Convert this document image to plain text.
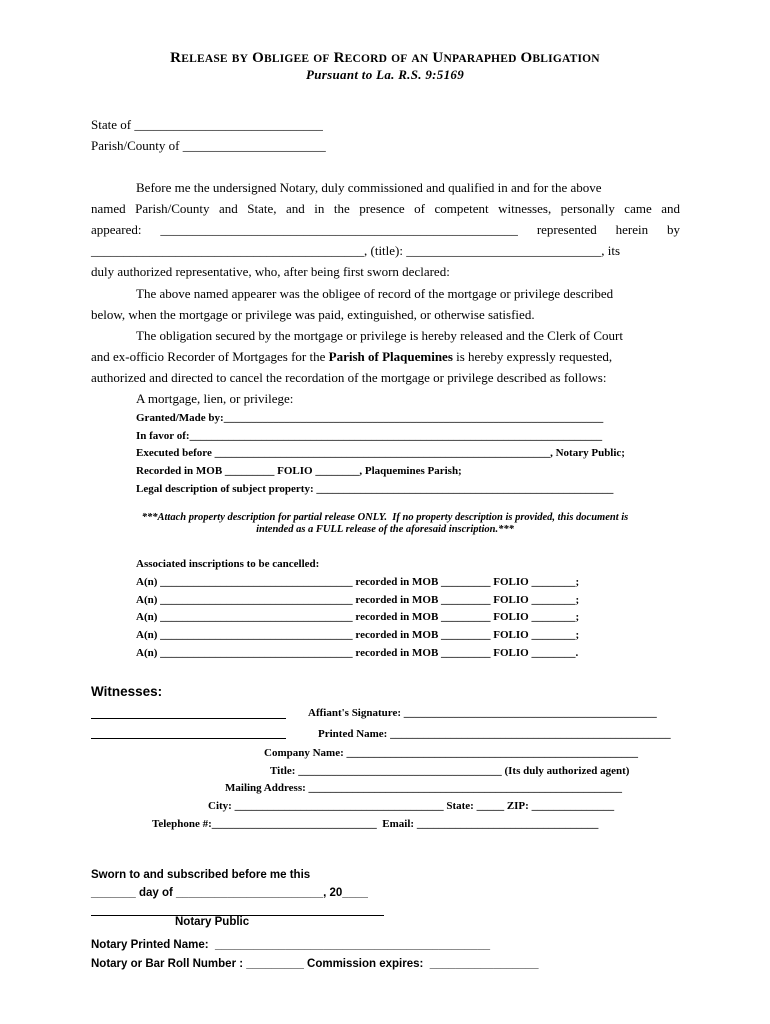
RELEASE BY OBLIGEE OF RECORD OF AN UNPARAPHED OBLIGATION
Pursuant to La. R.S. 9:5169
State of _____________________________
Parish/County of ______________________
Before me the undersigned Notary, duly commissioned and qualified in and for the above
named Parish/County and State, and in the presence of competent witnesses, personally came and
appeared: _______________________________________________________ represented herein by
__________________________________________, (title): ______________________________, its
duly authorized representative, who, after being first sworn declared:
The above named appearer was the obligee of record of the mortgage or privilege described
below, when the mortgage or privilege was paid, extinguished, or otherwise satisfied.
The obligation secured by the mortgage or privilege is hereby released and the Clerk of Court
and ex-officio Recorder of Mortgages for the Parish of Plaquemines is hereby expressly requested,
authorized and directed to cancel the recordation of the mortgage or privilege described as follows:
A mortgage, lien, or privilege:
Granted/Made by:_____________________________________________________________________
In favor of:___________________________________________________________________________
Executed before _____________________________________________________________, Notary Public;
Recorded in MOB _________ FOLIO ________, Plaquemines Parish;
Legal description of subject property: ______________________________________________________
***Attach property description for partial release ONLY.  If no property description is provided, this document is
intended as a FULL release of the aforesaid inscription.***
Associated inscriptions to be cancelled:
A(n) ___________________________________ recorded in MOB _________ FOLIO ________;
A(n) ___________________________________ recorded in MOB _________ FOLIO ________;
A(n) ___________________________________ recorded in MOB _________ FOLIO ________;
A(n) ___________________________________ recorded in MOB _________ FOLIO ________;
A(n) ___________________________________ recorded in MOB _________ FOLIO ________.
Witnesses:
Affiant's Signature: ______________________________________________
Printed Name: ___________________________________________________
Company Name: _____________________________________________________
Title: _____________________________________ (Its duly authorized agent)
Mailing Address: _________________________________________________________
City: ______________________________________ State: _____ ZIP: _______________
Telephone #:______________________________  Email: _________________________________
Sworn to and subscribed before me this
_______ day of _______________________, 20____
Notary Public
Notary Printed Name:  ___________________________________________
Notary or Bar Roll Number : _________ Commission expires:  _________________
